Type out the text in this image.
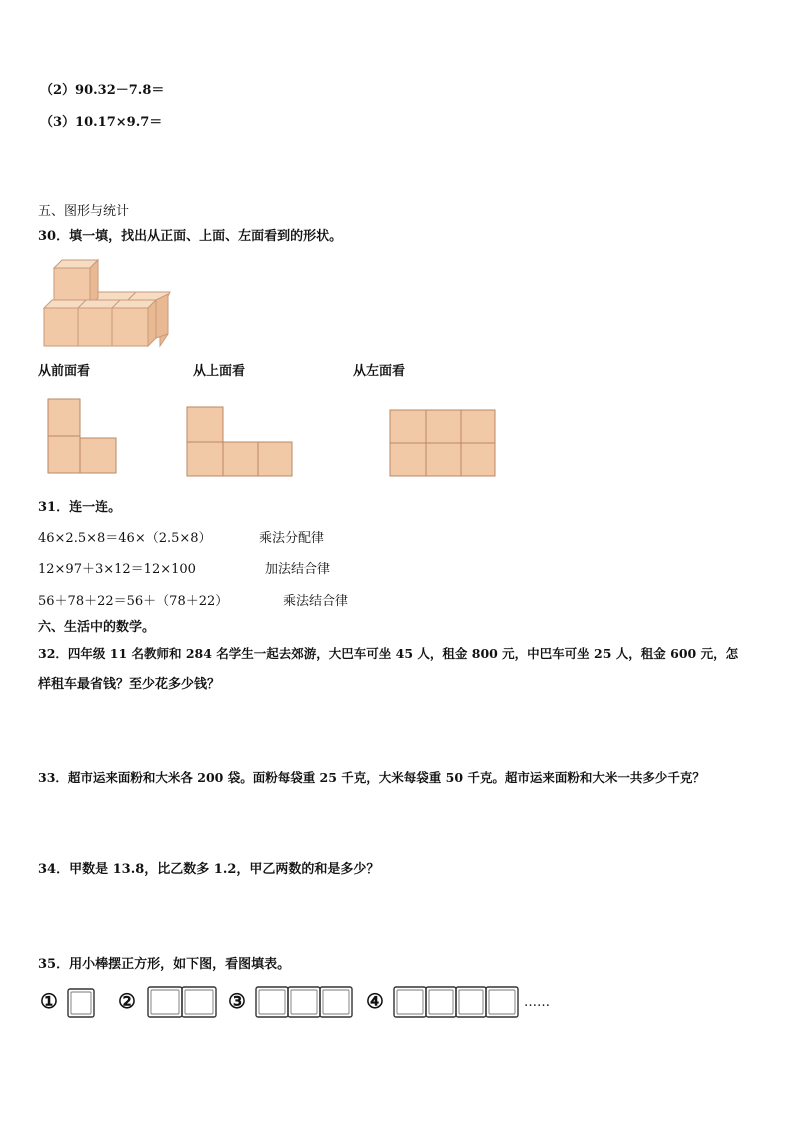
（2）90.32－7.8＝
（3）10.17×9.7＝
五、图形与统计
30．填一填，找出从正面、上面、左面看到的形状。
从前面看	从上面看	从左面看
31．连一连。
46×2.5×8＝46×（2.5×8）	乘法分配律
12×97＋3×12＝12×100	加法结合律
56＋78＋22＝56＋（78＋22）	乘法结合律
六、生活中的数学。
32．四年级 11 名教师和 284 名学生一起去郊游，大巴车可坐 45 人，租金 800 元，中巴车可坐 25 人，租金 600 元，怎
样租车最省钱？至少花多少钱？
33．超市运来面粉和大米各 200 袋。面粉每袋重 25 千克，大米每袋重 50 千克。超市运来面粉和大米一共多少千克？
34．甲数是 13.8，比乙数多 1.2，甲乙两数的和是多少？
35．用小棒摆正方形，如下图，看图填表。
①	②	③	④	……
